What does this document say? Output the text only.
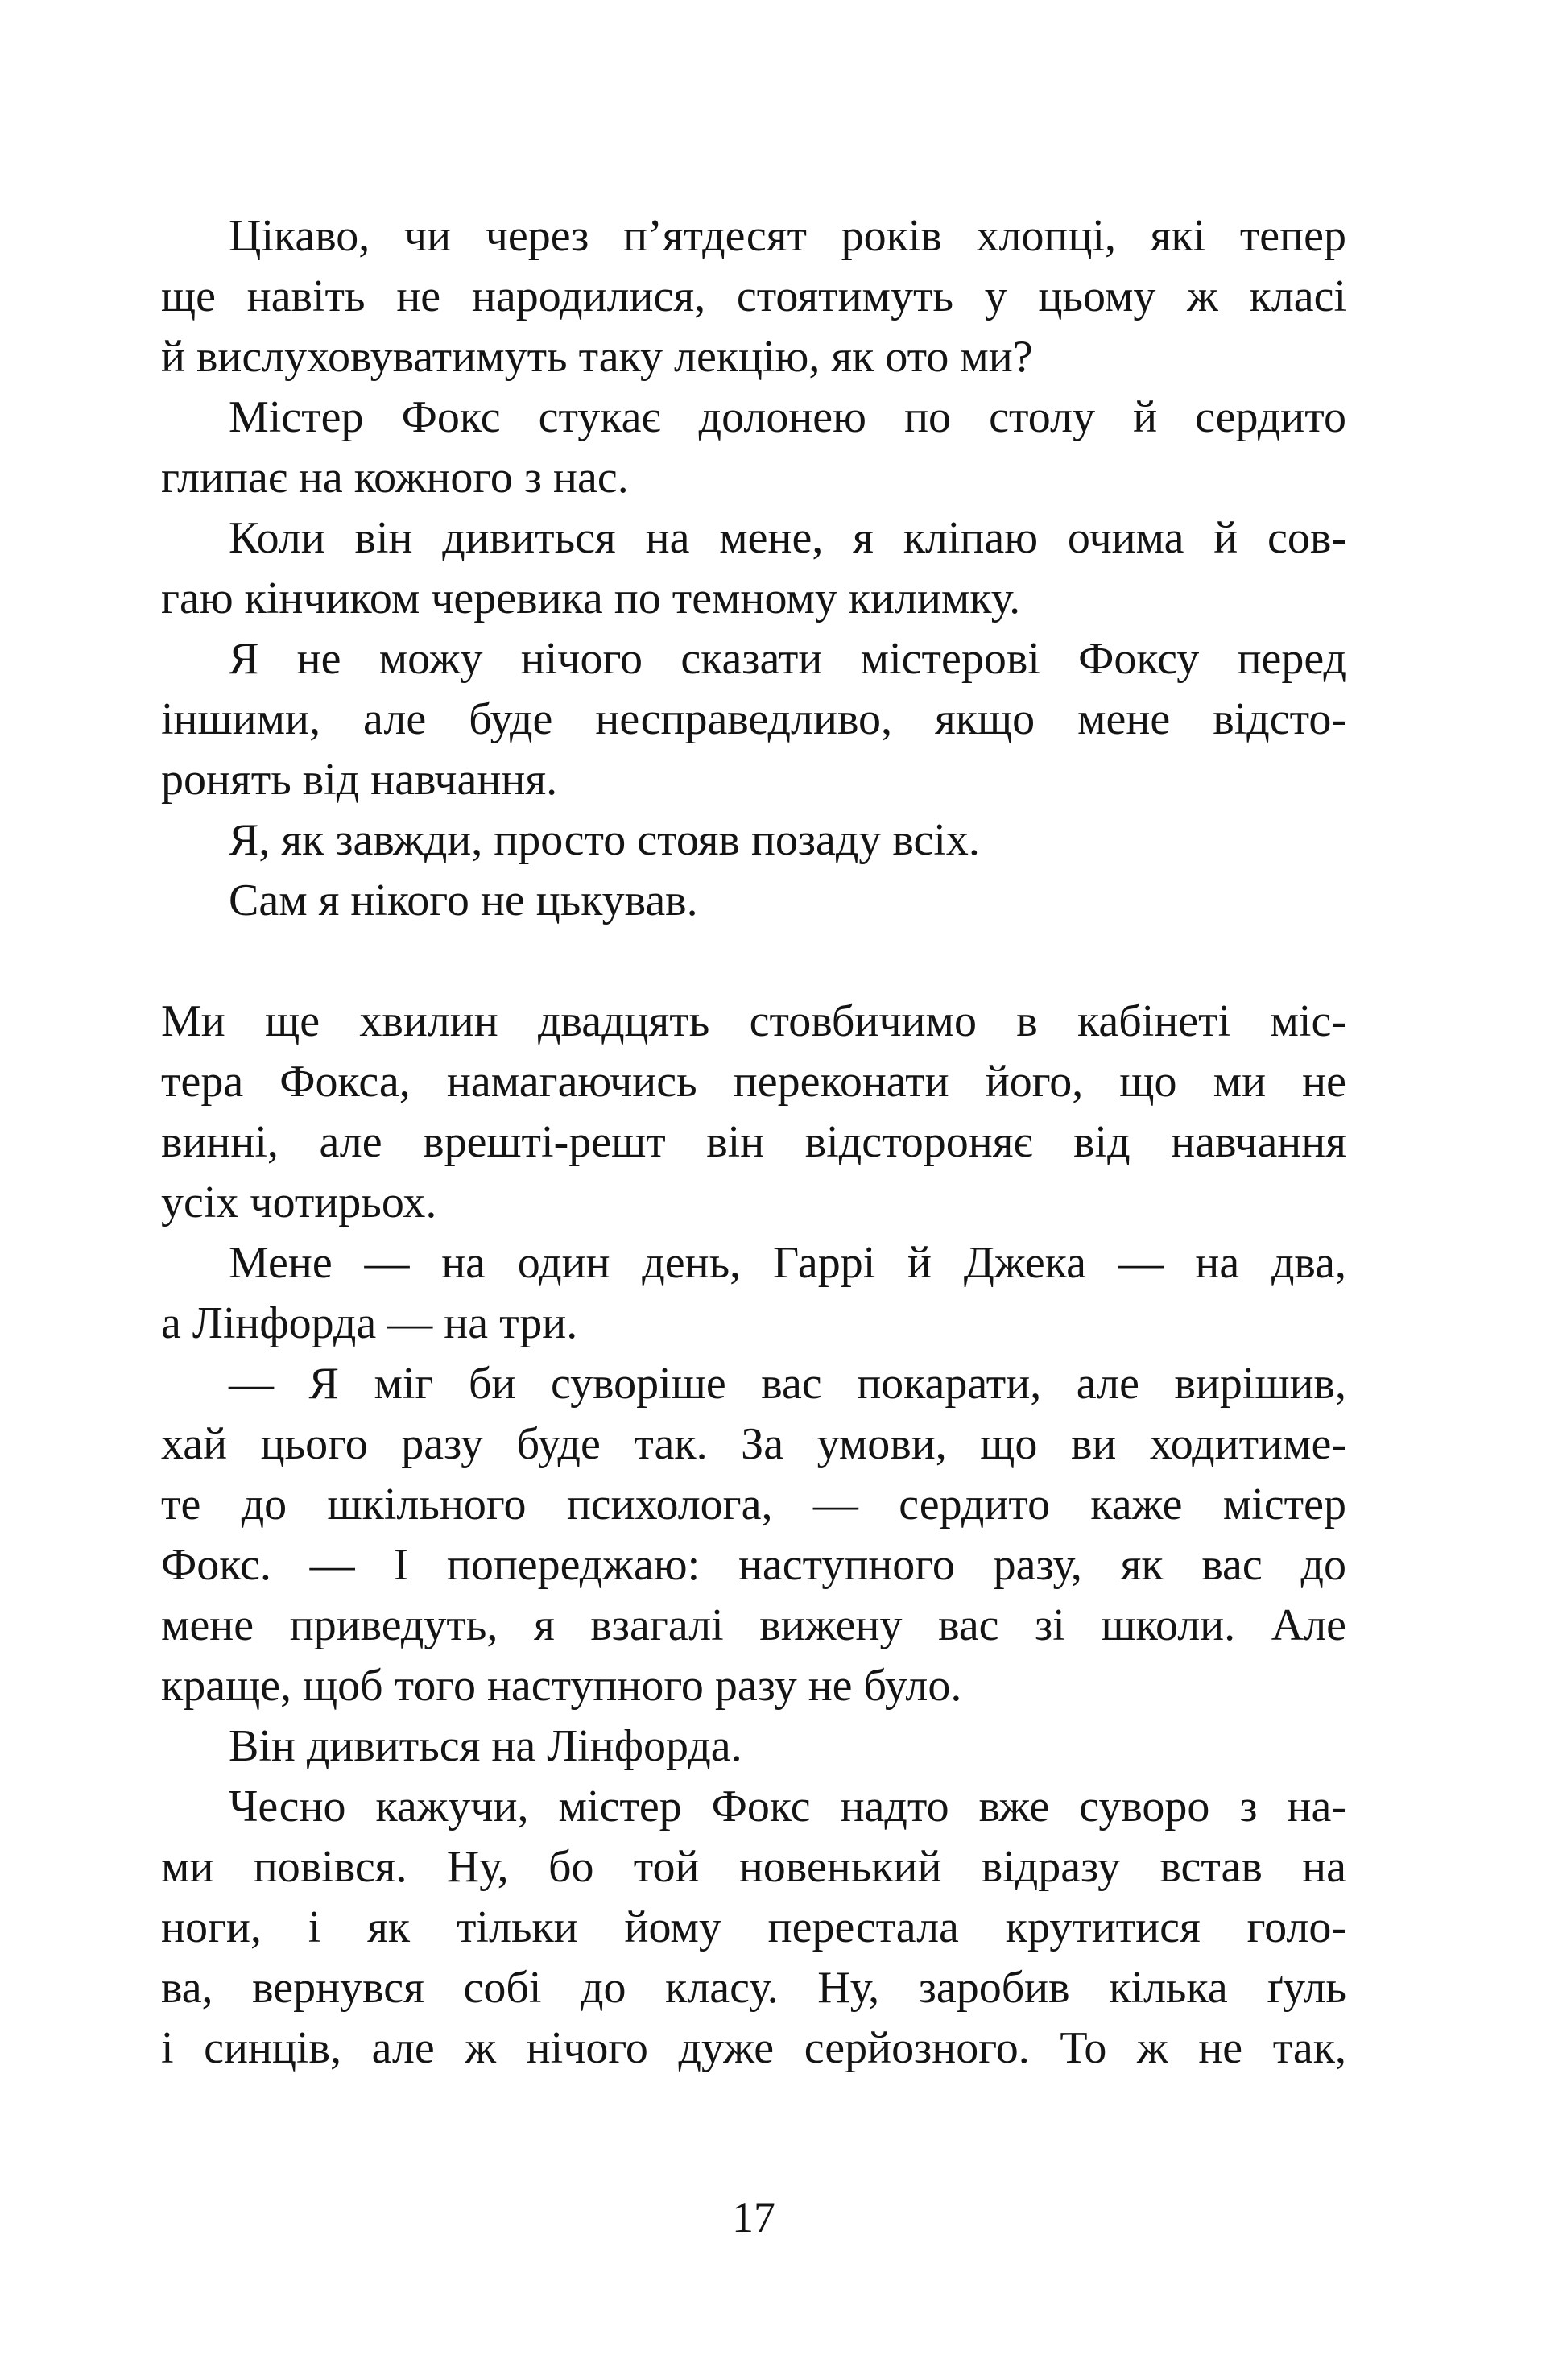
Цікаво, чи через п’ятдесят років хлопці, які тепер
ще навіть не народилися, стоятимуть у цьому ж класі
й вислуховуватимуть таку лекцію, як ото ми?
Містер Фокс стукає долонею по столу й сердито
глипає на кожного з нас.
Коли він дивиться на мене, я кліпаю очима й сов-
гаю кінчиком черевика по темному килимку.
Я не можу нічого сказати містерові Фоксу перед
іншими, але буде несправедливо, якщо мене відсто-
ронять від навчання.
Я, як завжди, просто стояв позаду всіх.
Сам я нікого не цькував.
Ми ще хвилин двадцять стовбичимо в кабінеті міс-
тера Фокса, намагаючись переконати його, що ми не
винні, але врешті-решт він відстороняє від навчання
усіх чотирьох.
Мене — на один день, Гаррі й Джека — на два,
а Лінфорда — на три.
— Я міг би суворіше вас покарати, але вирішив,
хай цього разу буде так. За умови, що ви ходитиме-
те до шкільного психолога, — сердито каже містер
Фокс. — І попереджаю: наступного разу, як вас до
мене приведуть, я взагалі вижену вас зі школи. Але
краще, щоб того наступного разу не було.
Він дивиться на Лінфорда.
Чесно кажучи, містер Фокс надто вже суворо з на-
ми повівся. Ну, бо той новенький відразу встав на
ноги, і як тільки йому перестала крутитися голо-
ва, вернувся собі до класу. Ну, заробив кілька ґуль
і синців, але ж нічого дуже серйозного. То ж не так,
17
